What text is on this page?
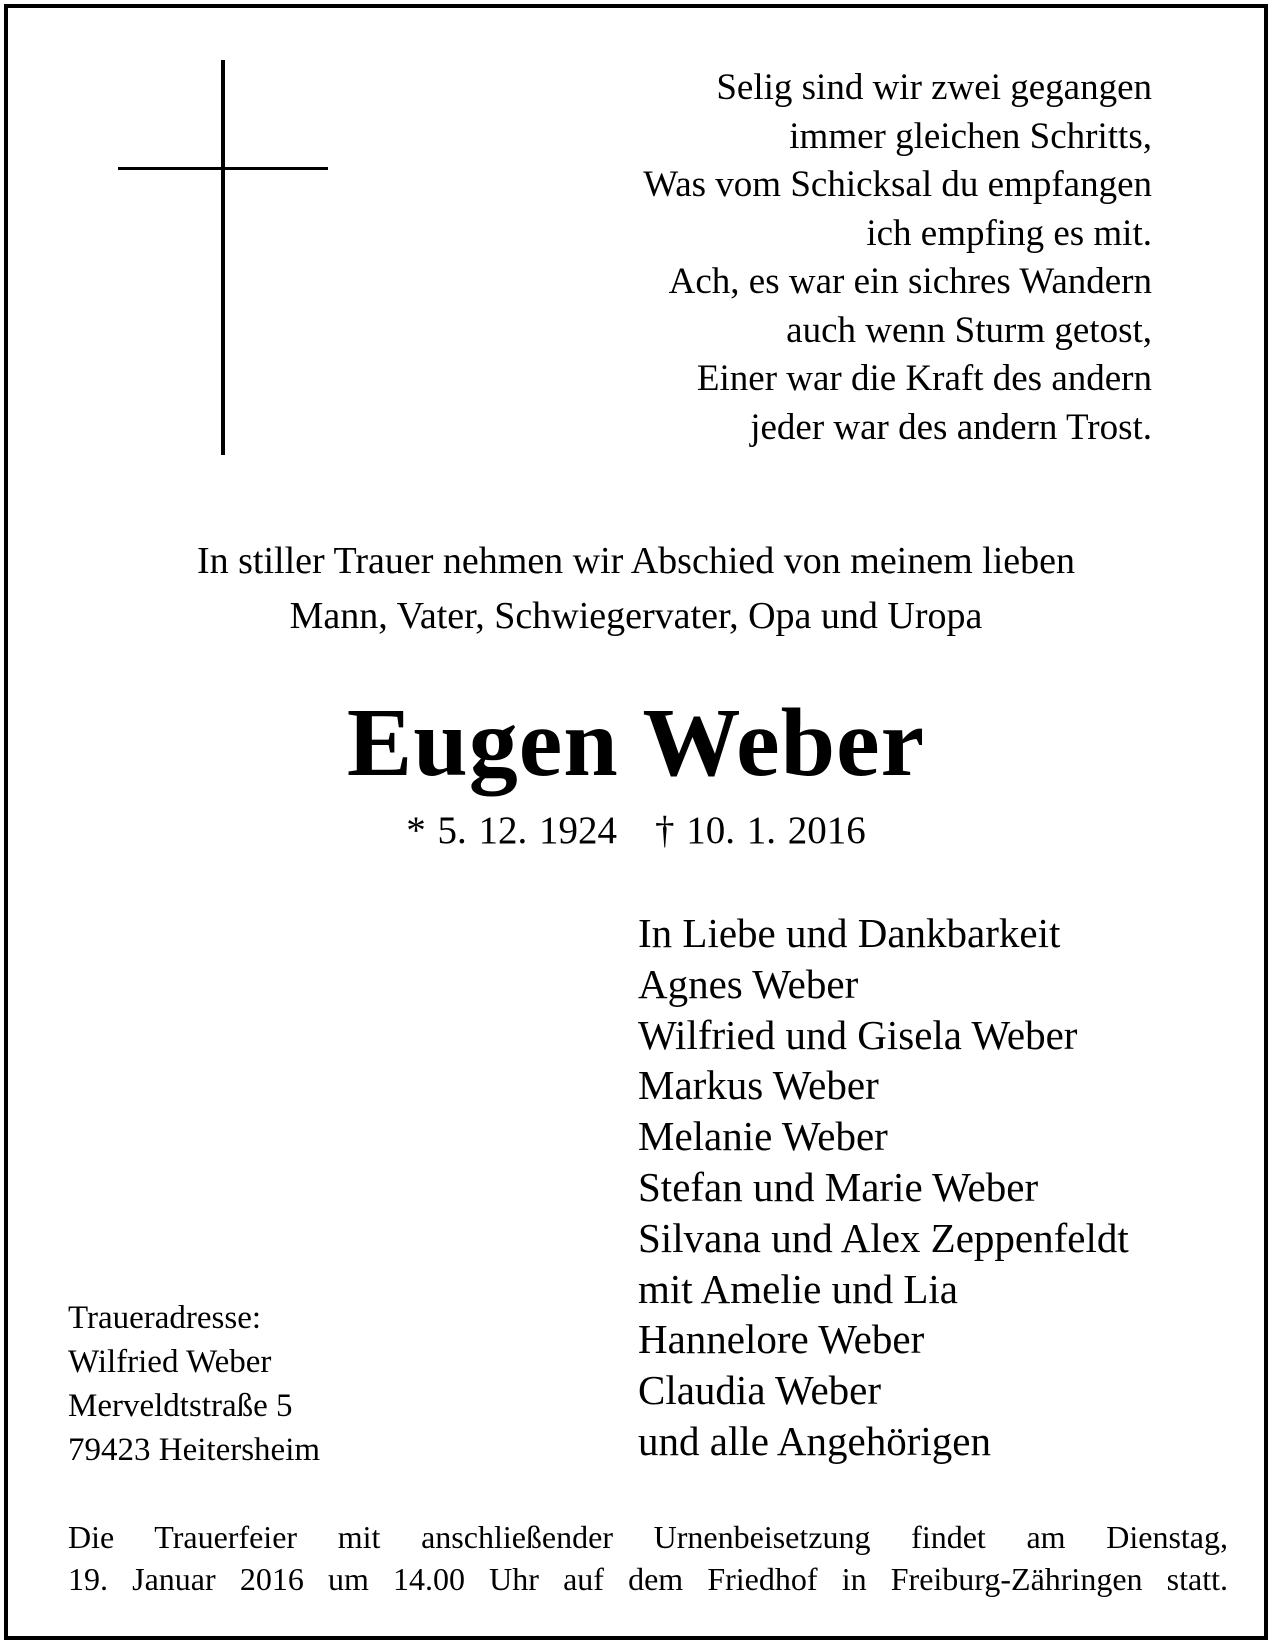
Selig sind wir zwei gegangen
immer gleichen Schritts,
Was vom Schicksal du empfangen
ich empfing es mit.
Ach, es war ein sichres Wandern
auch wenn Sturm getost,
Einer war die Kraft des andern
jeder war des andern Trost.
In stiller Trauer nehmen wir Abschied von meinem lieben
Mann, Vater, Schwiegervater, Opa und Uropa
Eugen Weber
* 5. 12. 1924 † 10. 1. 2016
In Liebe und Dankbarkeit
Agnes Weber
Wilfried und Gisela Weber
Markus Weber
Melanie Weber
Stefan und Marie Weber
Silvana und Alex Zeppenfeldt
mit Amelie und Lia
Hannelore Weber
Claudia Weber
und alle Angehörigen
Traueradresse:
Wilfried Weber
Merveldtstraße 5
79423 Heitersheim
Die Trauerfeier mit anschließender Urnenbeisetzung findet am Dienstag,
19. Januar 2016 um 14.00 Uhr auf dem Friedhof in Freiburg-Zähringen statt.
